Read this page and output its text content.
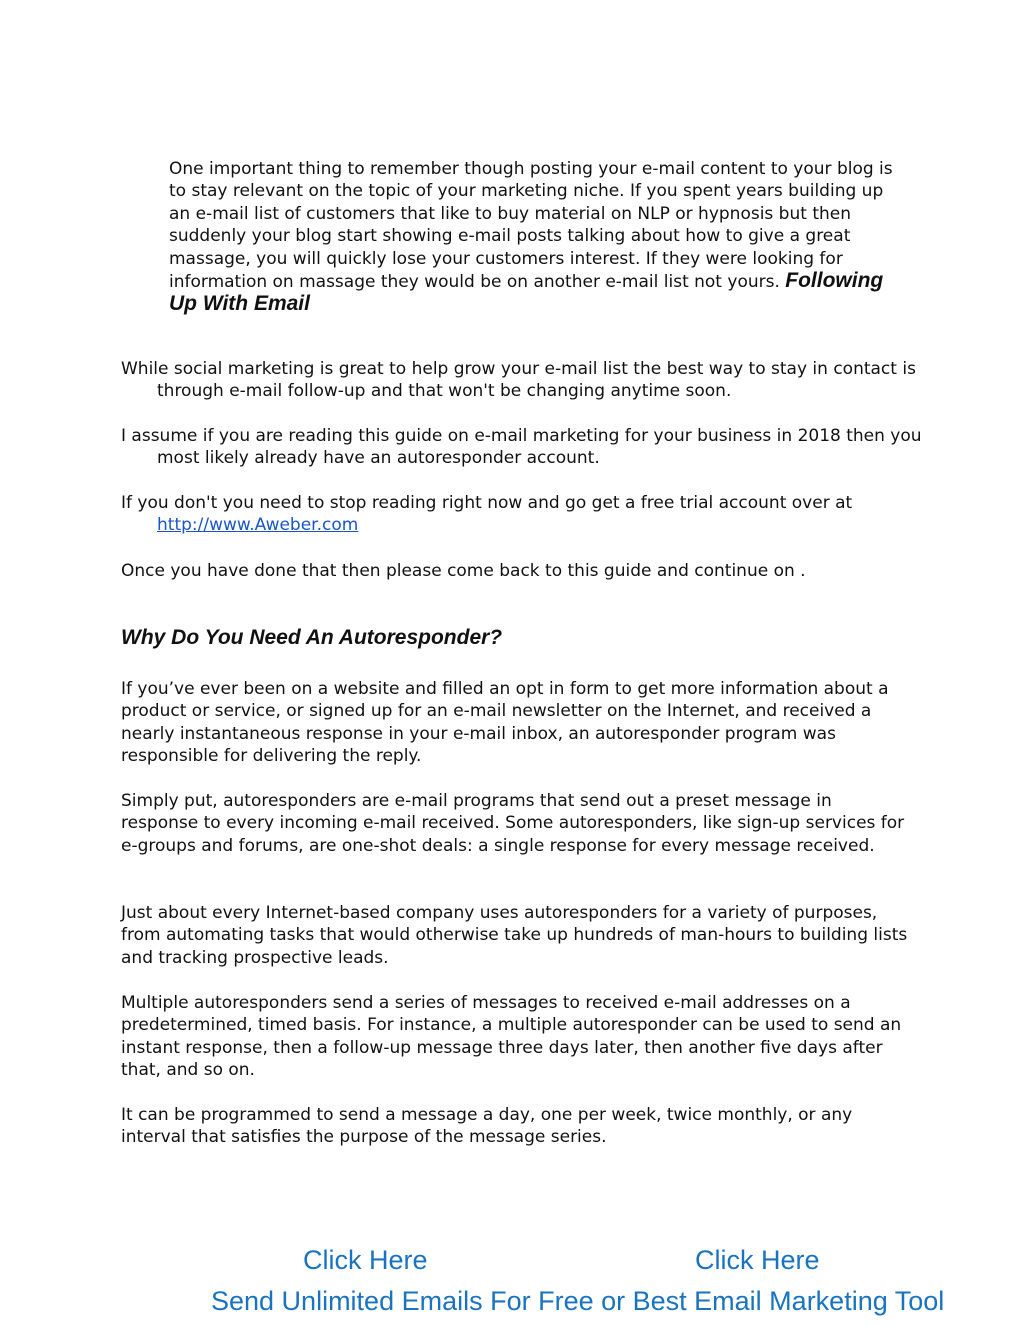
One important thing to remember though posting your e-mail content to your blog is to stay relevant on the topic of your marketing niche. If you spent years building up an e-mail list of customers that like to buy material on NLP or hypnosis but then suddenly your blog start showing e-mail posts talking about how to give a great massage, you will quickly lose your customers interest. If they were looking for information on massage they would be on another e-mail list not yours. Following Up With Email

While social marketing is great to help grow your e-mail list the best way to stay in contact is through e-mail follow-up and that won't be changing anytime soon.

I assume if you are reading this guide on e-mail marketing for your business in 2018 then you most likely already have an autoresponder account.

If you don't you need to stop reading right now and go get a free trial account over at http://www.Aweber.com

Once you have done that then please come back to this guide and continue on .

Why Do You Need An Autoresponder?

If you’ve ever been on a website and filled an opt in form to get more information about a product or service, or signed up for an e-mail newsletter on the Internet, and received a nearly instantaneous response in your e-mail inbox, an autoresponder program was responsible for delivering the reply.

Simply put, autoresponders are e-mail programs that send out a preset message in response to every incoming e-mail received. Some autoresponders, like sign-up services for e-groups and forums, are one-shot deals: a single response for every message received.

Just about every Internet-based company uses autoresponders for a variety of purposes, from automating tasks that would otherwise take up hundreds of man-hours to building lists and tracking prospective leads.

Multiple autoresponders send a series of messages to received e-mail addresses on a predetermined, timed basis. For instance, a multiple autoresponder can be used to send an instant response, then a follow-up message three days later, then another five days after that, and so on.

It can be programmed to send a message a day, one per week, twice monthly, or any interval that satisfies the purpose of the message series.

Click Here	Click Here
Send Unlimited Emails For Free or Best Email Marketing Tool
